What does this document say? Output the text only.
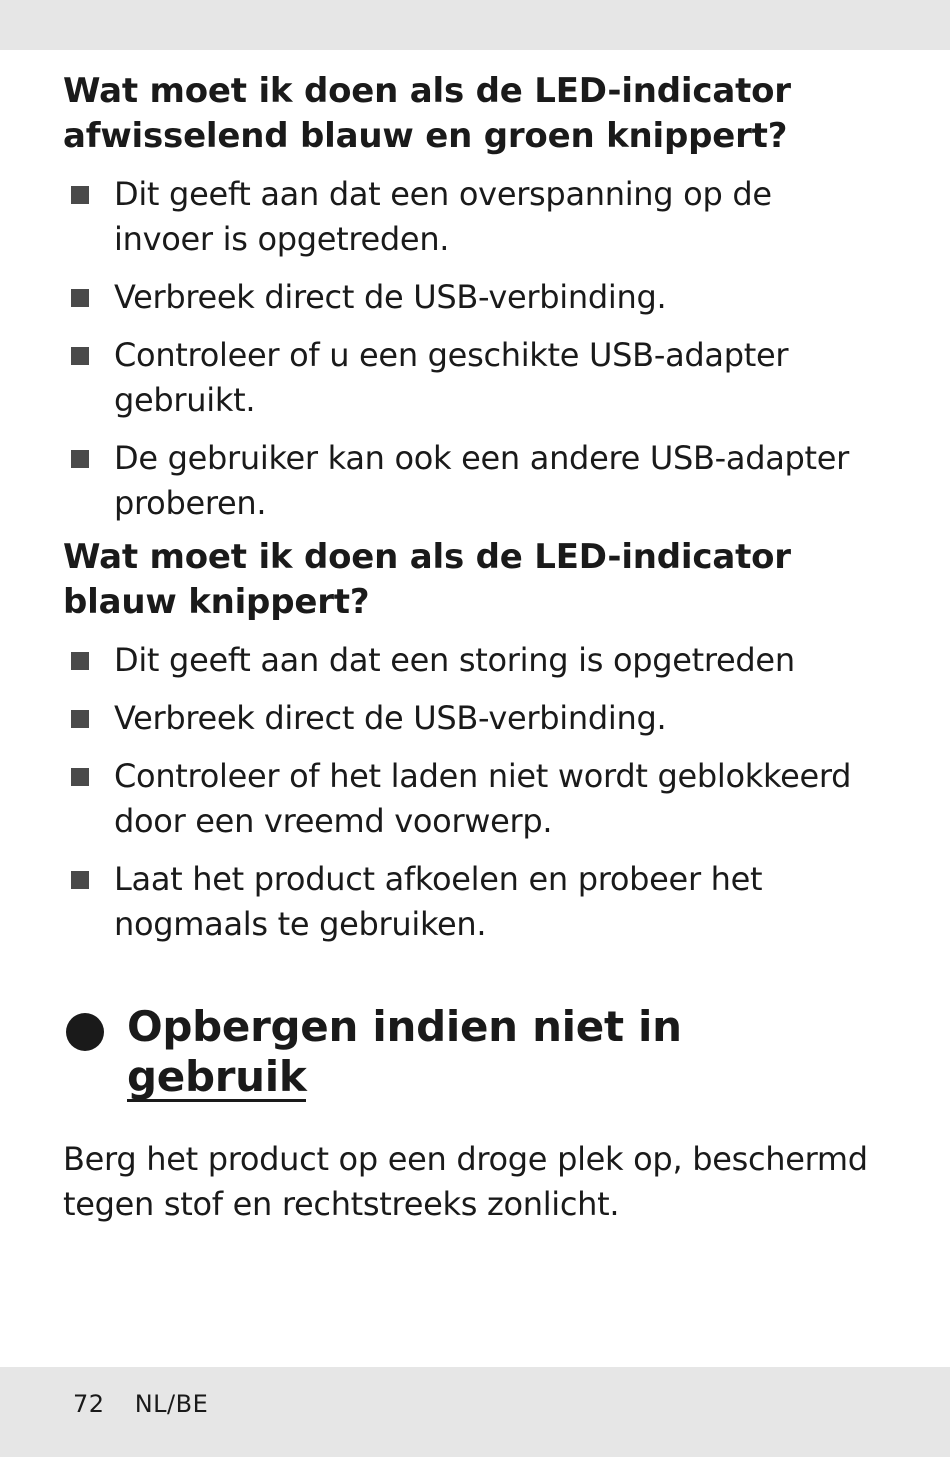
Wat moet ik doen als de LED-indicator
afwisselend blauw en groen knippert?
Dit geeft aan dat een overspanning op de
invoer is opgetreden.
Verbreek direct de USB-verbinding.
Controleer of u een geschikte USB-adapter
gebruikt.
De gebruiker kan ook een andere USB-adapter
proberen.
Wat moet ik doen als de LED-indicator
blauw knippert?
Dit geeft aan dat een storing is opgetreden
Verbreek direct de USB-verbinding.
Controleer of het laden niet wordt geblokkeerd
door een vreemd voorwerp.
Laat het product afkoelen en probeer het
nogmaals te gebruiken.
Opbergen indien niet in
gebruik

Berg het product op een droge plek op, beschermd
tegen stof en rechtstreeks zonlicht.

72 NL/BE
